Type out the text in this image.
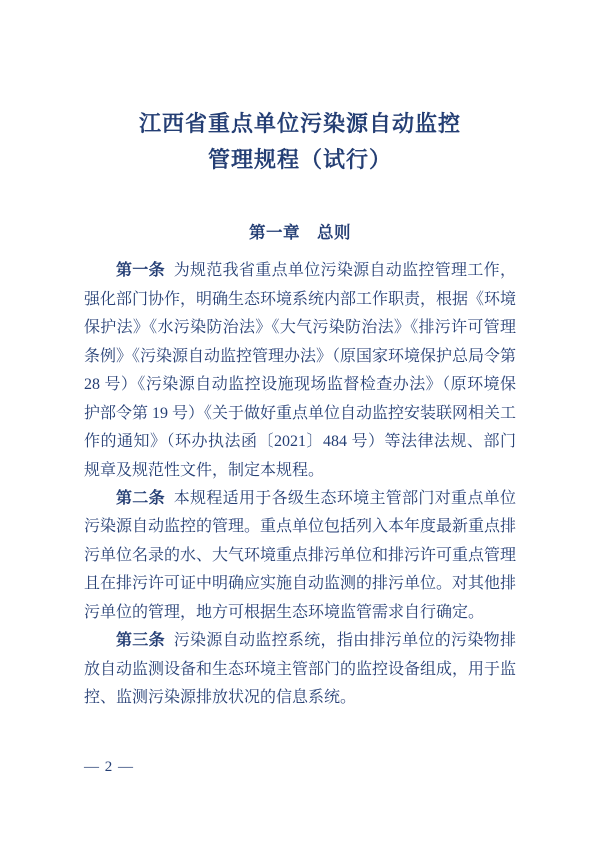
江西省重点单位污染源自动监控
管理规程（试行）
第一章　总则

第一条 为规范我省重点单位污染源自动监控管理工作，强化部门协作，明确生态环境系统内部工作职责，根据《环境保护法》《水污染防治法》《大气污染防治法》《排污许可管理条例》《污染源自动监控管理办法》（原国家环境保护总局令第 28 号）《污染源自动监控设施现场监督检查办法》（原环境保护部令第 19 号）《关于做好重点单位自动监控安装联网相关工作的通知》（环办执法函〔2021〕484 号）等法律法规、部门规章及规范性文件，制定本规程。

第二条 本规程适用于各级生态环境主管部门对重点单位污染源自动监控的管理。重点单位包括列入本年度最新重点排污单位名录的水、大气环境重点排污单位和排污许可重点管理且在排污许可证中明确应实施自动监测的排污单位。对其他排污单位的管理，地方可根据生态环境监管需求自行确定。

第三条 污染源自动监控系统，指由排污单位的污染物排放自动监测设备和生态环境主管部门的监控设备组成，用于监控、监测污染源排放状况的信息系统。

— 2 —
